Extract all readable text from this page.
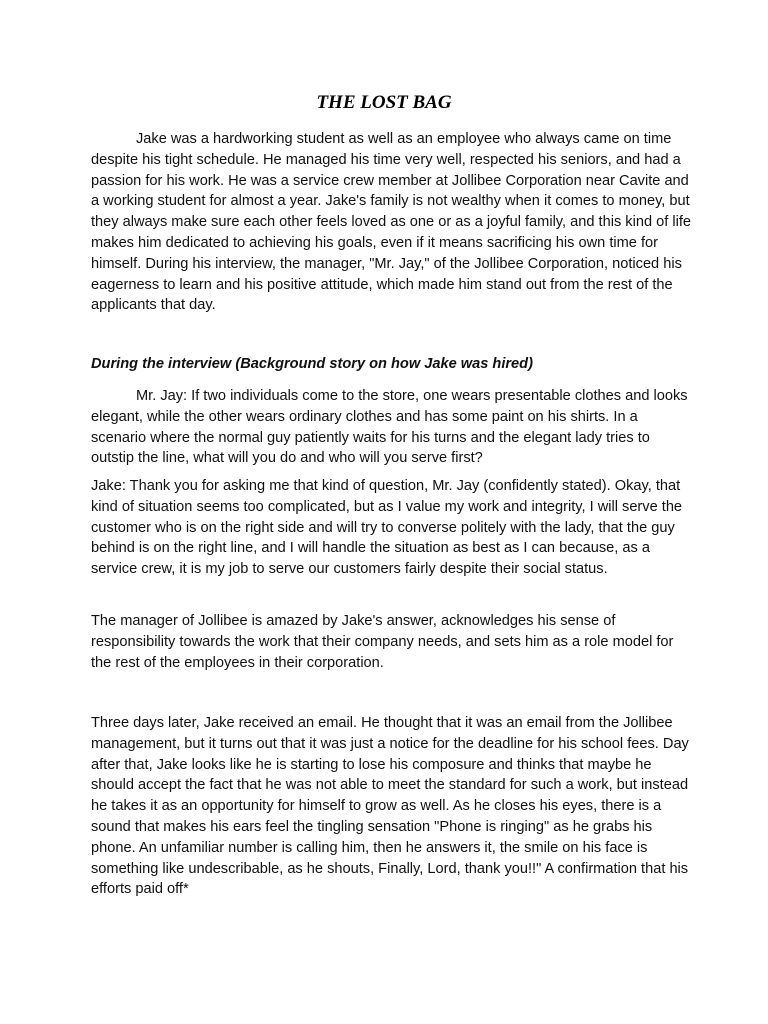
THE LOST BAG

Jake was a hardworking student as well as an employee who always came on time despite his tight schedule. He managed his time very well, respected his seniors, and had a passion for his work. He was a service crew member at Jollibee Corporation near Cavite and a working student for almost a year. Jake's family is not wealthy when it comes to money, but they always make sure each other feels loved as one or as a joyful family, and this kind of life makes him dedicated to achieving his goals, even if it means sacrificing his own time for himself. During his interview, the manager, "Mr. Jay," of the Jollibee Corporation, noticed his eagerness to learn and his positive attitude, which made him stand out from the rest of the applicants that day.

During the interview (Background story on how Jake was hired)

Mr. Jay: If two individuals come to the store, one wears presentable clothes and looks elegant, while the other wears ordinary clothes and has some paint on his shirts. In a scenario where the normal guy patiently waits for his turns and the elegant lady tries to outstip the line, what will you do and who will you serve first?

Jake: Thank you for asking me that kind of question, Mr. Jay (confidently stated). Okay, that kind of situation seems too complicated, but as I value my work and integrity, I will serve the customer who is on the right side and will try to converse politely with the lady, that the guy behind is on the right line, and I will handle the situation as best as I can because, as a service crew, it is my job to serve our customers fairly despite their social status.

The manager of Jollibee is amazed by Jake's answer, acknowledges his sense of responsibility towards the work that their company needs, and sets him as a role model for the rest of the employees in their corporation.

Three days later, Jake received an email. He thought that it was an email from the Jollibee management, but it turns out that it was just a notice for the deadline for his school fees. Day after that, Jake looks like he is starting to lose his composure and thinks that maybe he should accept the fact that he was not able to meet the standard for such a work, but instead he takes it as an opportunity for himself to grow as well. As he closes his eyes, there is a sound that makes his ears feel the tingling sensation "Phone is ringing" as he grabs his phone. An unfamiliar number is calling him, then he answers it, the smile on his face is something like undescribable, as he shouts, Finally, Lord, thank you!!" A confirmation that his efforts paid off*
